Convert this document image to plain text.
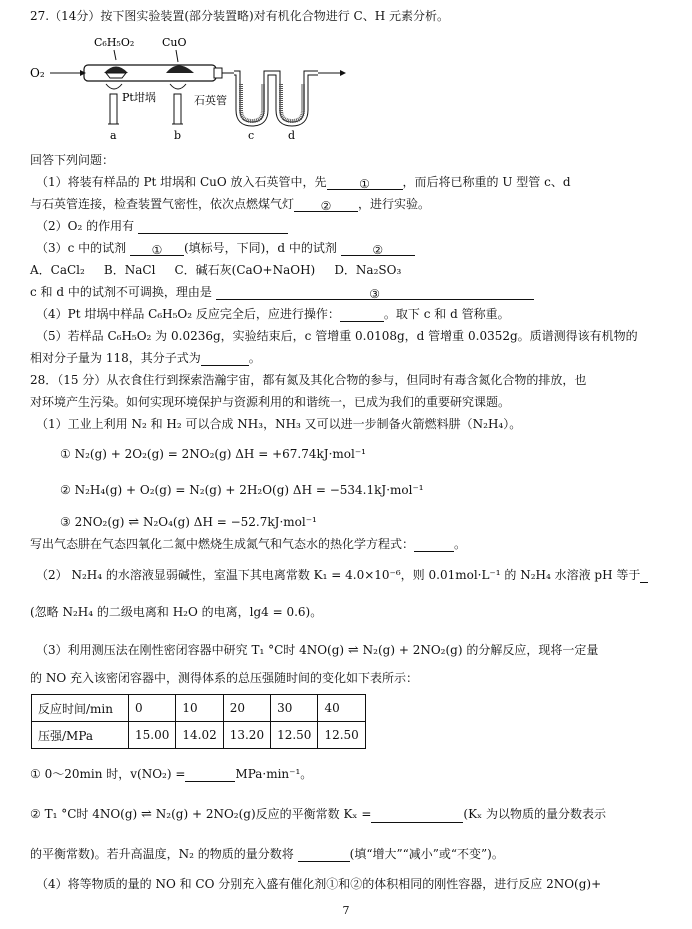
27.（14分）按下图实验装置(部分装置略)对有机化合物进行 C、H 元素分析。
C₆H₅O₂	CuO
O₂
Pt坩埚	石英管
a	b	c	d
回答下列问题：
（1）将装有样品的 Pt 坩埚和 CuO 放入石英管中，先	①	，而后将已称重的 U 型管 c、d
与石英管连接，检查装置气密性，依次点燃煤气灯 ② ，进行实验。
（2）O₂ 的作用有
（3）c 中的试剂 ① (填标号，下同)，d 中的试剂	②
A．CaCl₂ B．NaCl C．碱石灰(CaO+NaOH) D．Na₂SO₃
c 和 d 中的试剂不可调换，理由是	③
（4）Pt 坩埚中样品 C₆H₅O₂ 反应完全后，应进行操作：	。取下 c 和 d 管称重。
（5）若样品 C₆H₅O₂ 为 0.0236g，实验结束后，c 管增重 0.0108g，d 管增重 0.0352g。质谱测得该有机物的
相对分子量为 118，其分子式为	。
28．（15 分）从衣食住行到探索浩瀚宇宙，都有氮及其化合物的参与，但同时有毒含氮化合物的排放，也
对环境产生污染。如何实现环境保护与资源利用的和谐统一，已成为我们的重要研究课题。
（1）工业上利用 N₂ 和 H₂ 可以合成 NH₃，NH₃ 又可以进一步制备火箭燃料肼（N₂H₄）。
① N₂(g) + 2O₂(g) = 2NO₂(g) ΔH = +67.74kJ·mol⁻¹
② N₂H₄(g) + O₂(g) = N₂(g) + 2H₂O(g) ΔH = −534.1kJ·mol⁻¹
③ 2NO₂(g) ⇌ N₂O₄(g) ΔH = −52.7kJ·mol⁻¹
写出气态肼在气态四氧化二氮中燃烧生成氮气和气态水的热化学方程式：	。
（2） N₂H₄ 的水溶液显弱碱性，室温下其电离常数 K₁ = 4.0×10⁻⁶，则 0.01mol·L⁻¹ 的 N₂H₄ 水溶液 pH 等于
(忽略 N₂H₄ 的二级电离和 H₂O 的电离，lg4 = 0.6)。
（3）利用测压法在刚性密闭容器中研究 T₁ °C时 4NO(g) ⇌ N₂(g) + 2NO₂(g) 的分解反应，现将一定量
的 NO 充入该密闭容器中，测得体系的总压强随时间的变化如下表所示：
反应时间/min	0	10	20	30	40
压强/MPa	15.00	14.02	13.20	12.50	12.50
① 0～20min 时，v(NO₂) =	MPa·min⁻¹。
② T₁ °C时 4NO(g) ⇌ N₂(g) + 2NO₂(g)反应的平衡常数 Kₓ =	(Kₓ 为以物质的量分数表示
的平衡常数)。若升高温度，N₂ 的物质的量分数将	(填“增大”“减小”或“不变”)。
（4）将等物质的量的 NO 和 CO 分别充入盛有催化剂①和②的体积相同的刚性容器，进行反应 2NO(g)+
7
